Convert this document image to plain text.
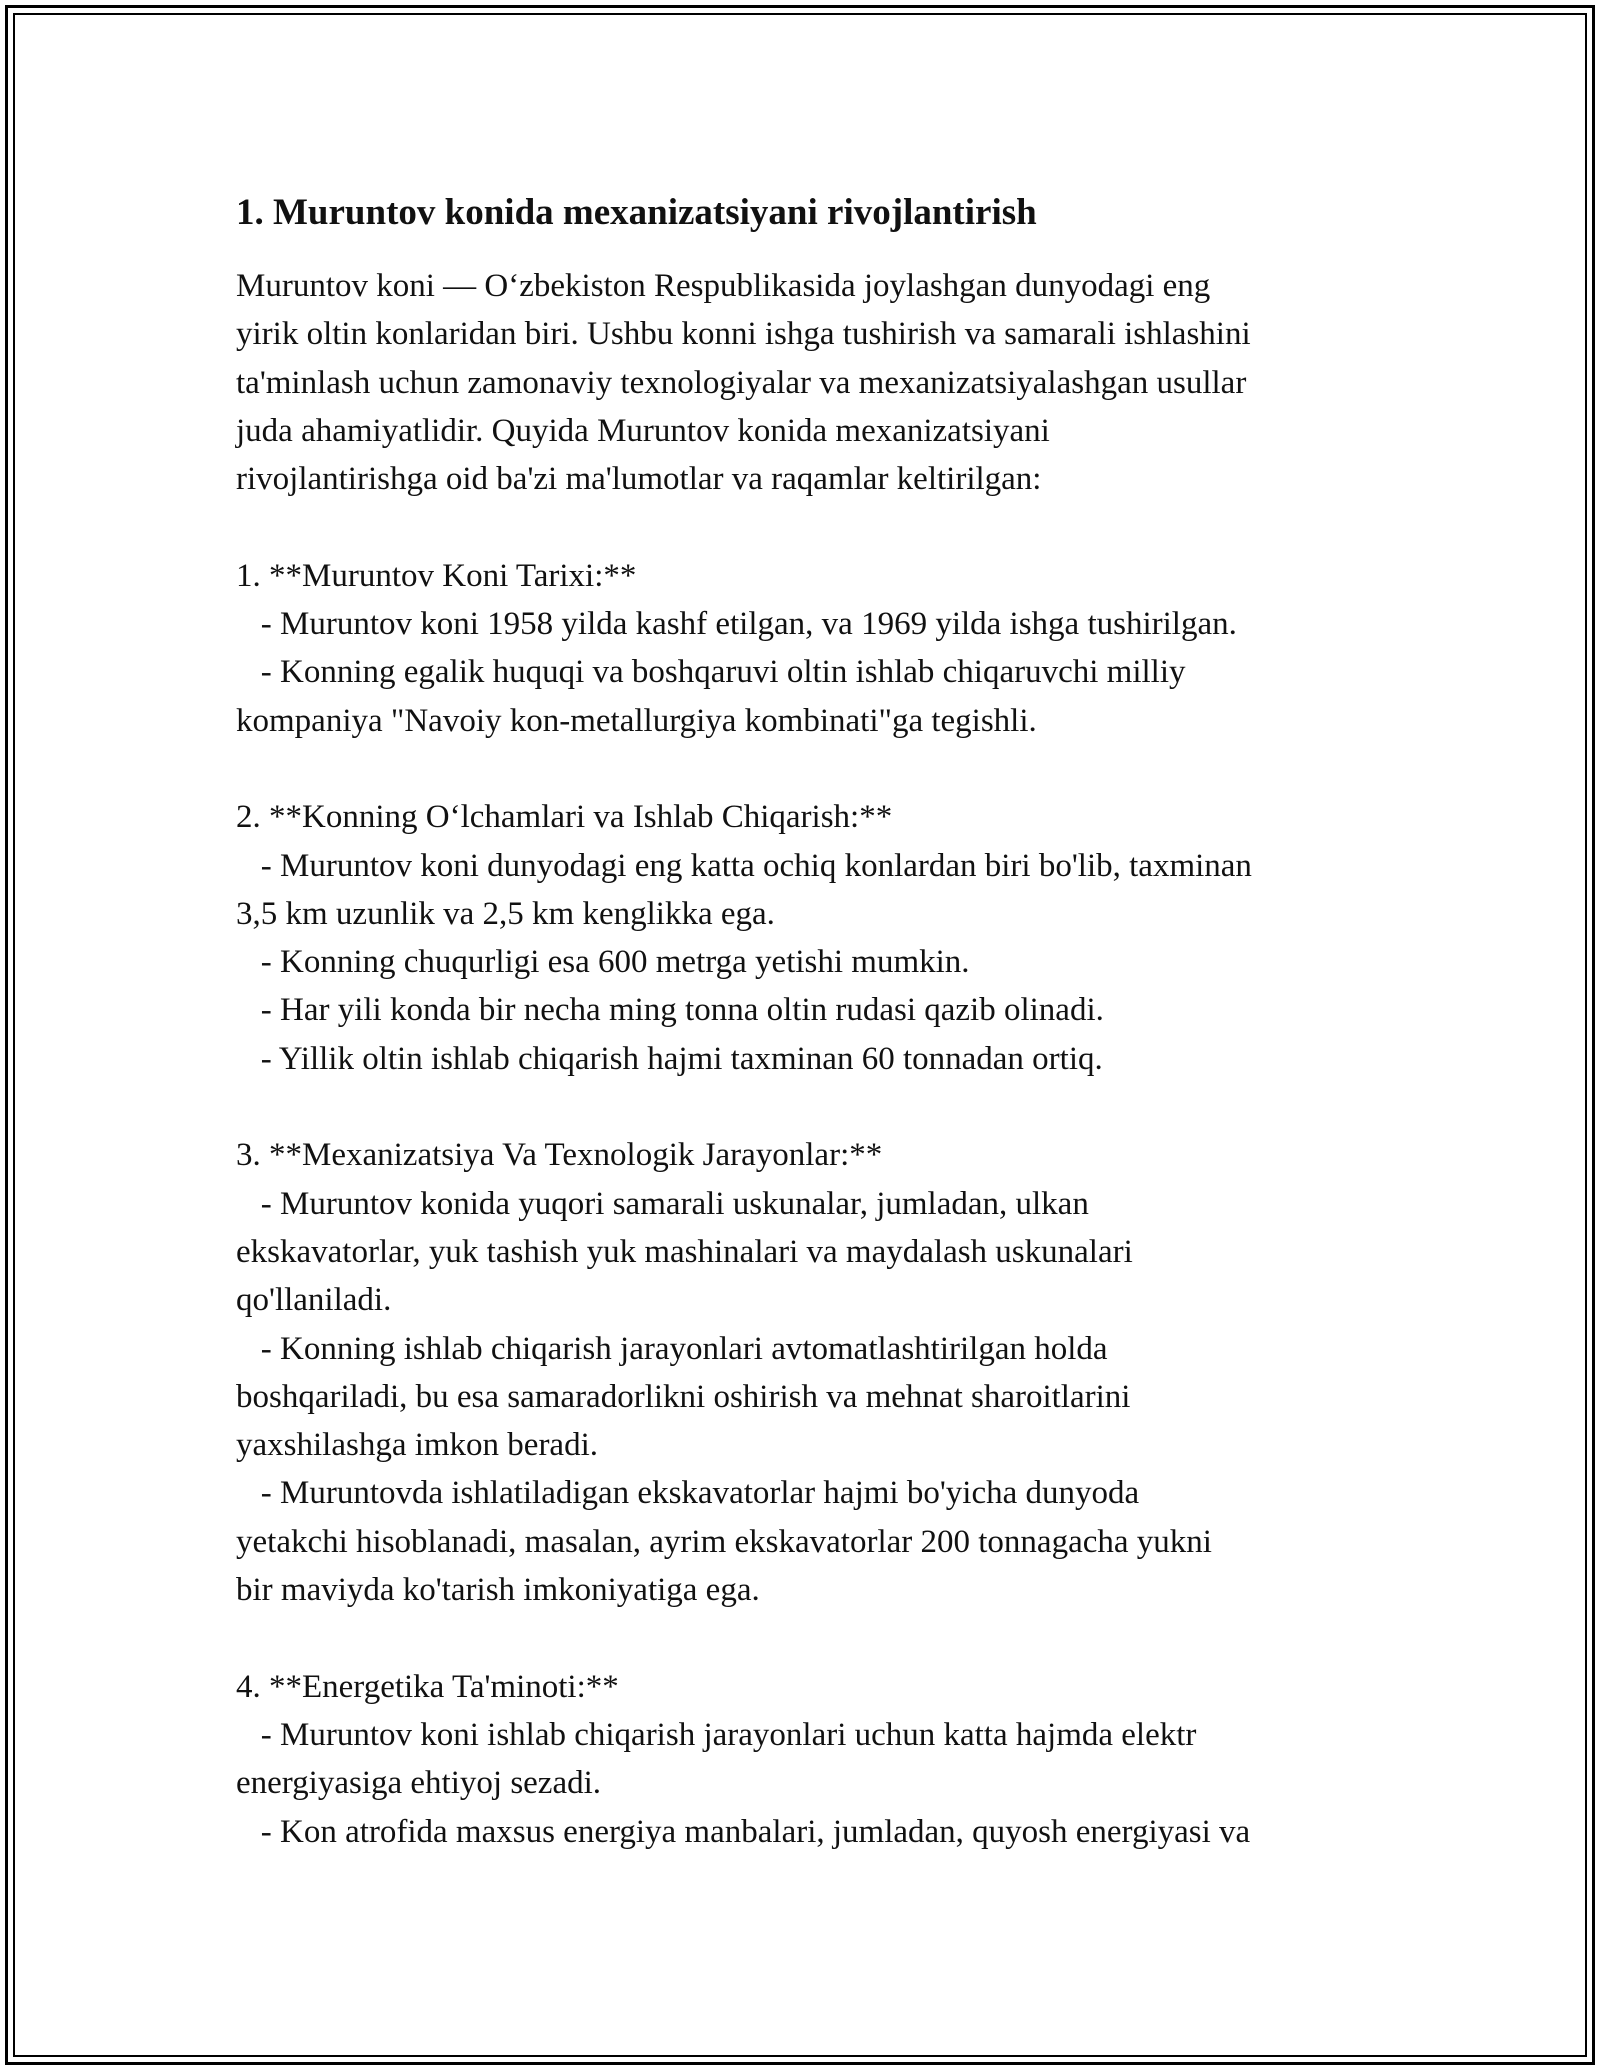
1. Muruntov konida mexanizatsiyani rivojlantirish
Muruntov koni — Oʻzbekiston Respublikasida joylashgan dunyodagi eng
yirik oltin konlaridan biri. Ushbu konni ishga tushirish va samarali ishlashini
ta'minlash uchun zamonaviy texnologiyalar va mexanizatsiyalashgan usullar
juda ahamiyatlidir. Quyida Muruntov konida mexanizatsiyani
rivojlantirishga oid ba'zi ma'lumotlar va raqamlar keltirilgan:
1. **Muruntov Koni Tarixi:**
- Muruntov koni 1958 yilda kashf etilgan, va 1969 yilda ishga tushirilgan.
- Konning egalik huquqi va boshqaruvi oltin ishlab chiqaruvchi milliy
kompaniya "Navoiy kon-metallurgiya kombinati"ga tegishli.
2. **Konning Oʻlchamlari va Ishlab Chiqarish:**
- Muruntov koni dunyodagi eng katta ochiq konlardan biri bo'lib, taxminan
3,5 km uzunlik va 2,5 km kenglikka ega.
- Konning chuqurligi esa 600 metrga yetishi mumkin.
- Har yili konda bir necha ming tonna oltin rudasi qazib olinadi.
- Yillik oltin ishlab chiqarish hajmi taxminan 60 tonnadan ortiq.
3. **Mexanizatsiya Va Texnologik Jarayonlar:**
- Muruntov konida yuqori samarali uskunalar, jumladan, ulkan
ekskavatorlar, yuk tashish yuk mashinalari va maydalash uskunalari
qo'llaniladi.
- Konning ishlab chiqarish jarayonlari avtomatlashtirilgan holda
boshqariladi, bu esa samaradorlikni oshirish va mehnat sharoitlarini
yaxshilashga imkon beradi.
- Muruntovda ishlatiladigan ekskavatorlar hajmi bo'yicha dunyoda
yetakchi hisoblanadi, masalan, ayrim ekskavatorlar 200 tonnagacha yukni
bir maviyda ko'tarish imkoniyatiga ega.
4. **Energetika Ta'minoti:**
- Muruntov koni ishlab chiqarish jarayonlari uchun katta hajmda elektr
energiyasiga ehtiyoj sezadi.
- Kon atrofida maxsus energiya manbalari, jumladan, quyosh energiyasi va
